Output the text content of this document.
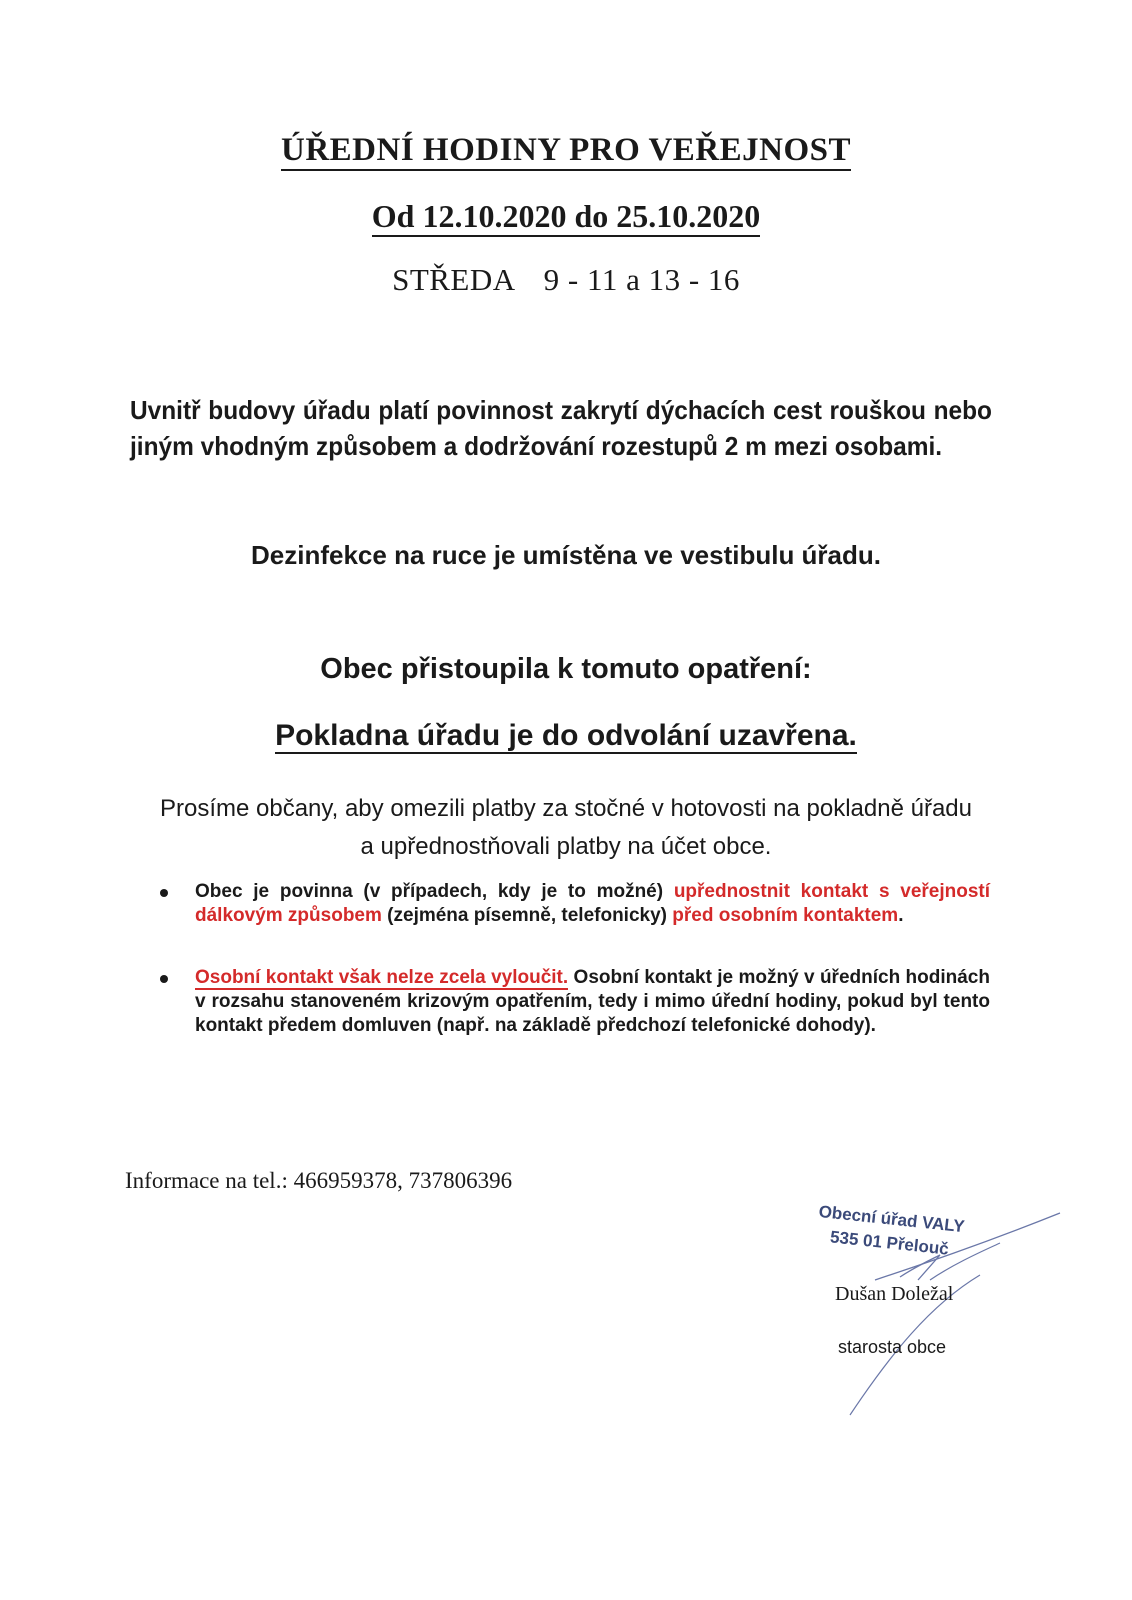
ÚŘEDNÍ HODINY PRO VEŘEJNOST
Od 12.10.2020 do 25.10.2020
STŘEDA 9 - 11 a 13 - 16
Uvnitř budovy úřadu platí povinnost zakrytí dýchacích cest rouškou nebo jiným vhodným způsobem a dodržování rozestupů 2 m mezi osobami.
Dezinfekce na ruce je umístěna ve vestibulu úřadu.
Obec přistoupila k tomuto opatření:
Pokladna úřadu je do odvolání uzavřena.
Prosíme občany, aby omezili platby za stočné v hotovosti na pokladně úřadu
a upřednostňovali platby na účet obce.
Obec je povinna (v případech, kdy je to možné) upřednostnit kontakt s veřejností dálkovým způsobem (zejména písemně, telefonicky) před osobním kontaktem.
Osobní kontakt však nelze zcela vyloučit. Osobní kontakt je možný v úředních hodinách v rozsahu stanoveném krizovým opatřením, tedy i mimo úřední hodiny, pokud byl tento kontakt předem domluven (např. na základě předchozí telefonické dohody).
Informace na tel.: 466959378, 737806396
Obecní úřad VALY
535 01 Přelouč
Dušan Doležal
starosta obce
